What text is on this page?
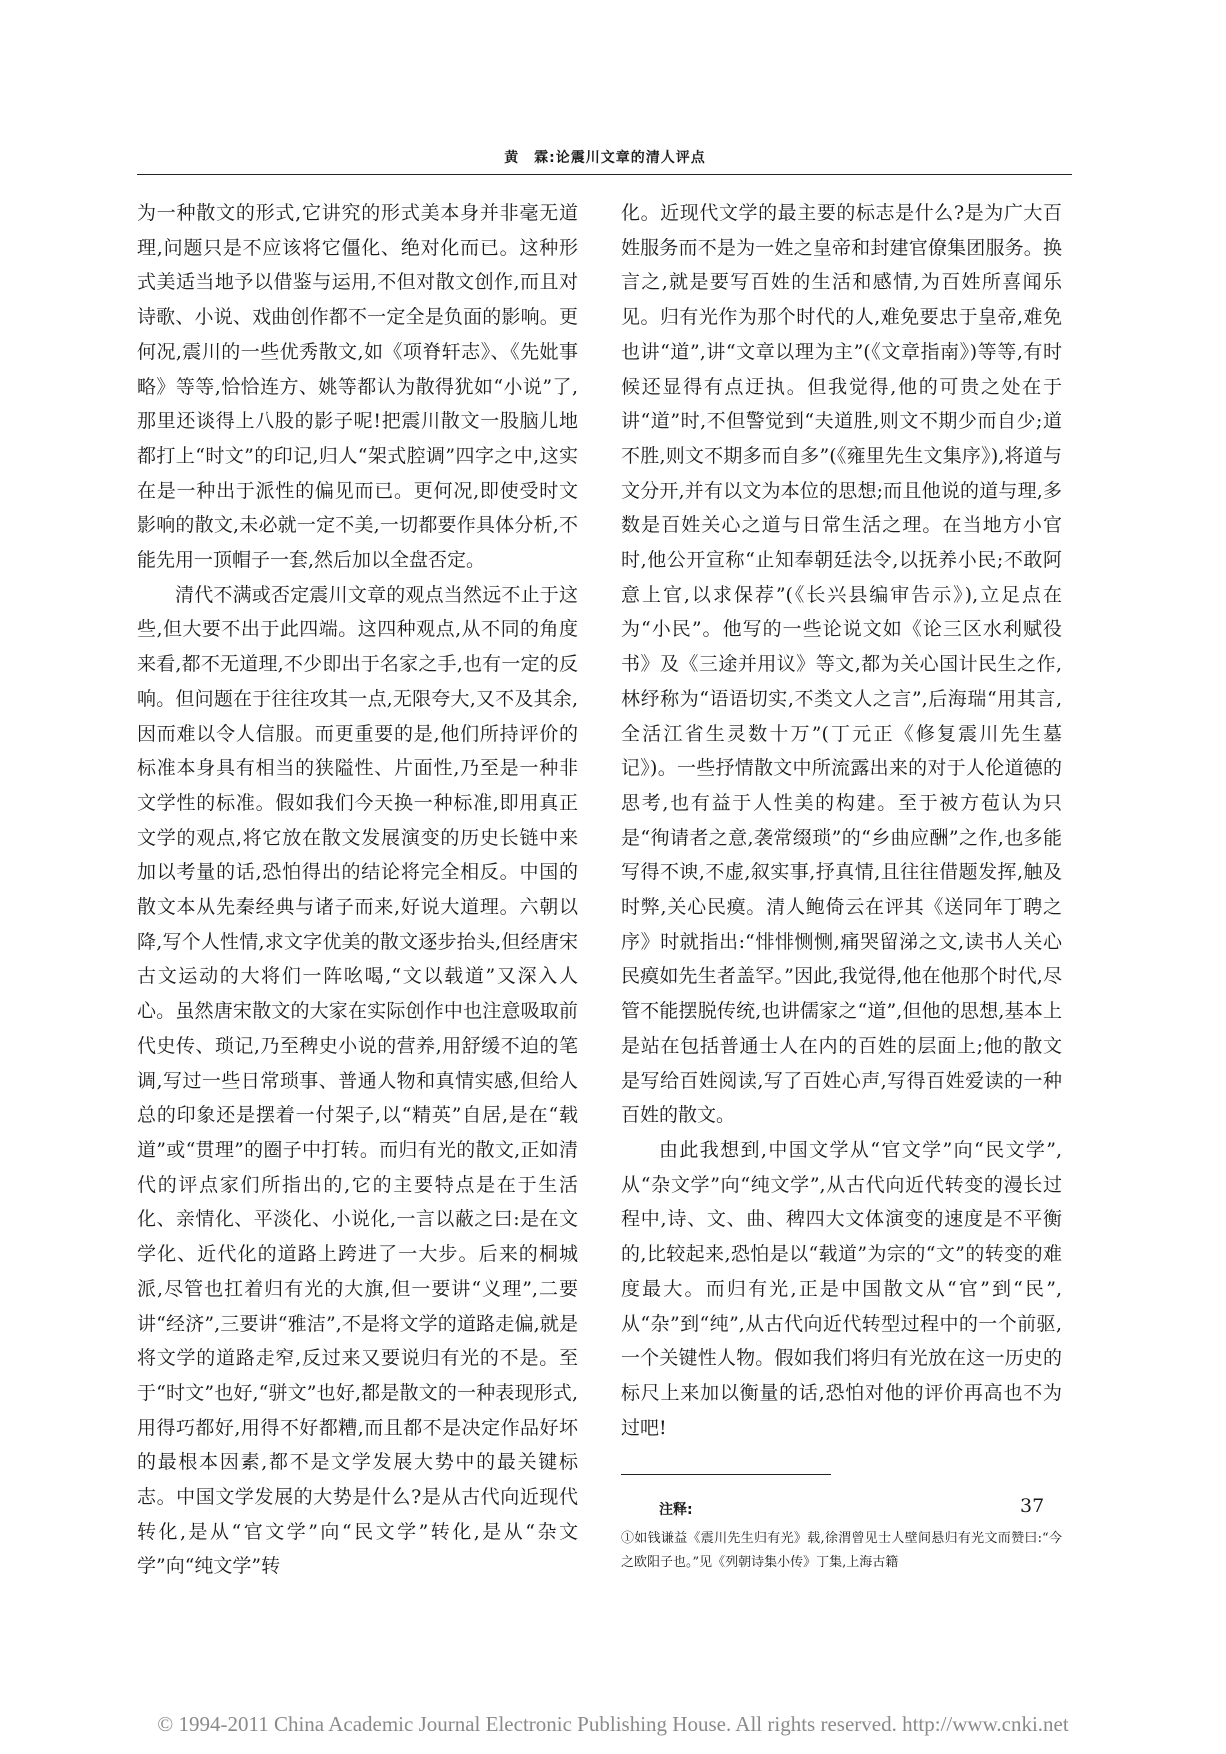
黄　霖:论震川文章的清人评点

为一种散文的形式,它讲究的形式美本身并非毫无道理,问题只是不应该将它僵化、绝对化而已。这种形式美适当地予以借鉴与运用,不但对散文创作,而且对诗歌、小说、戏曲创作都不一定全是负面的影响。更何况,震川的一些优秀散文,如《项脊轩志》、《先妣事略》等等,恰恰连方、姚等都认为散得犹如“小说”了,那里还谈得上八股的影子呢!把震川散文一股脑儿地都打上“时文”的印记,归人“架式腔调”四字之中,这实在是一种出于派性的偏见而已。更何况,即使受时文影响的散文,未必就一定不美,一切都要作具体分析,不能先用一顶帽子一套,然后加以全盘否定。

清代不满或否定震川文章的观点当然远不止于这些,但大要不出于此四端。这四种观点,从不同的角度来看,都不无道理,不少即出于名家之手,也有一定的反响。但问题在于往往攻其一点,无限夸大,又不及其余,因而难以令人信服。而更重要的是,他们所持评价的标准本身具有相当的狭隘性、片面性,乃至是一种非文学性的标准。假如我们今天换一种标准,即用真正文学的观点,将它放在散文发展演变的历史长链中来加以考量的话,恐怕得出的结论将完全相反。中国的散文本从先秦经典与诸子而来,好说大道理。六朝以降,写个人性情,求文字优美的散文逐步抬头,但经唐宋古文运动的大将们一阵吆喝,“文以载道”又深入人心。虽然唐宋散文的大家在实际创作中也注意吸取前代史传、琐记,乃至稗史小说的营养,用舒缓不迫的笔调,写过一些日常琐事、普通人物和真情实感,但给人总的印象还是摆着一付架子,以“精英”自居,是在“载道”或“贯理”的圈子中打转。而归有光的散文,正如清代的评点家们所指出的,它的主要特点是在于生活化、亲情化、平淡化、小说化,一言以蔽之曰:是在文学化、近代化的道路上跨进了一大步。后来的桐城派,尽管也扛着归有光的大旗,但一要讲“义理”,二要讲“经济”,三要讲“雅洁”,不是将文学的道路走偏,就是将文学的道路走窄,反过来又要说归有光的不是。至于“时文”也好,“骈文”也好,都是散文的一种表现形式,用得巧都好,用得不好都糟,而且都不是决定作品好坏的最根本因素,都不是文学发展大势中的最关键标志。中国文学发展的大势是什么?是从古代向近现代转化,是从“官文学”向“民文学”转化,是从“杂文学”向“纯文学”转

化。近现代文学的最主要的标志是什么?是为广大百姓服务而不是为一姓之皇帝和封建官僚集团服务。换言之,就是要写百姓的生活和感情,为百姓所喜闻乐见。归有光作为那个时代的人,难免要忠于皇帝,难免也讲“道”,讲“文章以理为主”(《文章指南》)等等,有时候还显得有点迂执。但我觉得,他的可贵之处在于讲“道”时,不但警觉到“夫道胜,则文不期少而自少;道不胜,则文不期多而自多”(《雍里先生文集序》),将道与文分开,并有以文为本位的思想;而且他说的道与理,多数是百姓关心之道与日常生活之理。在当地方小官时,他公开宣称“止知奉朝廷法令,以抚养小民;不敢阿意上官,以求保荐”(《长兴县编审告示》),立足点在为“小民”。他写的一些论说文如《论三区水利赋役书》及《三途并用议》等文,都为关心国计民生之作,林纾称为“语语切实,不类文人之言”,后海瑞“用其言,全活江省生灵数十万”(丁元正《修复震川先生墓记》)。一些抒情散文中所流露出来的对于人伦道德的思考,也有益于人性美的构建。至于被方苞认为只是“徇请者之意,袭常缀琐”的“乡曲应酬”之作,也多能写得不谀,不虚,叙实事,抒真情,且往往借题发挥,触及时弊,关心民瘼。清人鲍倚云在评其《送同年丁聘之序》时就指出:“悱悱恻恻,痛哭留涕之文,读书人关心民瘼如先生者盖罕。”因此,我觉得,他在他那个时代,尽管不能摆脱传统,也讲儒家之“道”,但他的思想,基本上是站在包括普通士人在内的百姓的层面上;他的散文是写给百姓阅读,写了百姓心声,写得百姓爱读的一种百姓的散文。

由此我想到,中国文学从“官文学”向“民文学”,从“杂文学”向“纯文学”,从古代向近代转变的漫长过程中,诗、文、曲、稗四大文体演变的速度是不平衡的,比较起来,恐怕是以“载道”为宗的“文”的转变的难度最大。而归有光,正是中国散文从“官”到“民”,从“杂”到“纯”,从古代向近代转型过程中的一个前驱,一个关键性人物。假如我们将归有光放在这一历史的标尺上来加以衡量的话,恐怕对他的评价再高也不为过吧!

注释:
①如钱谦益《震川先生归有光》载,徐渭曾见士人壁间悬归有光文而赞曰:“今之欧阳子也。”见《列朝诗集小传》丁集,上海古籍
37
© 1994-2011 China Academic Journal Electronic Publishing House. All rights reserved. http://www.cnki.net
